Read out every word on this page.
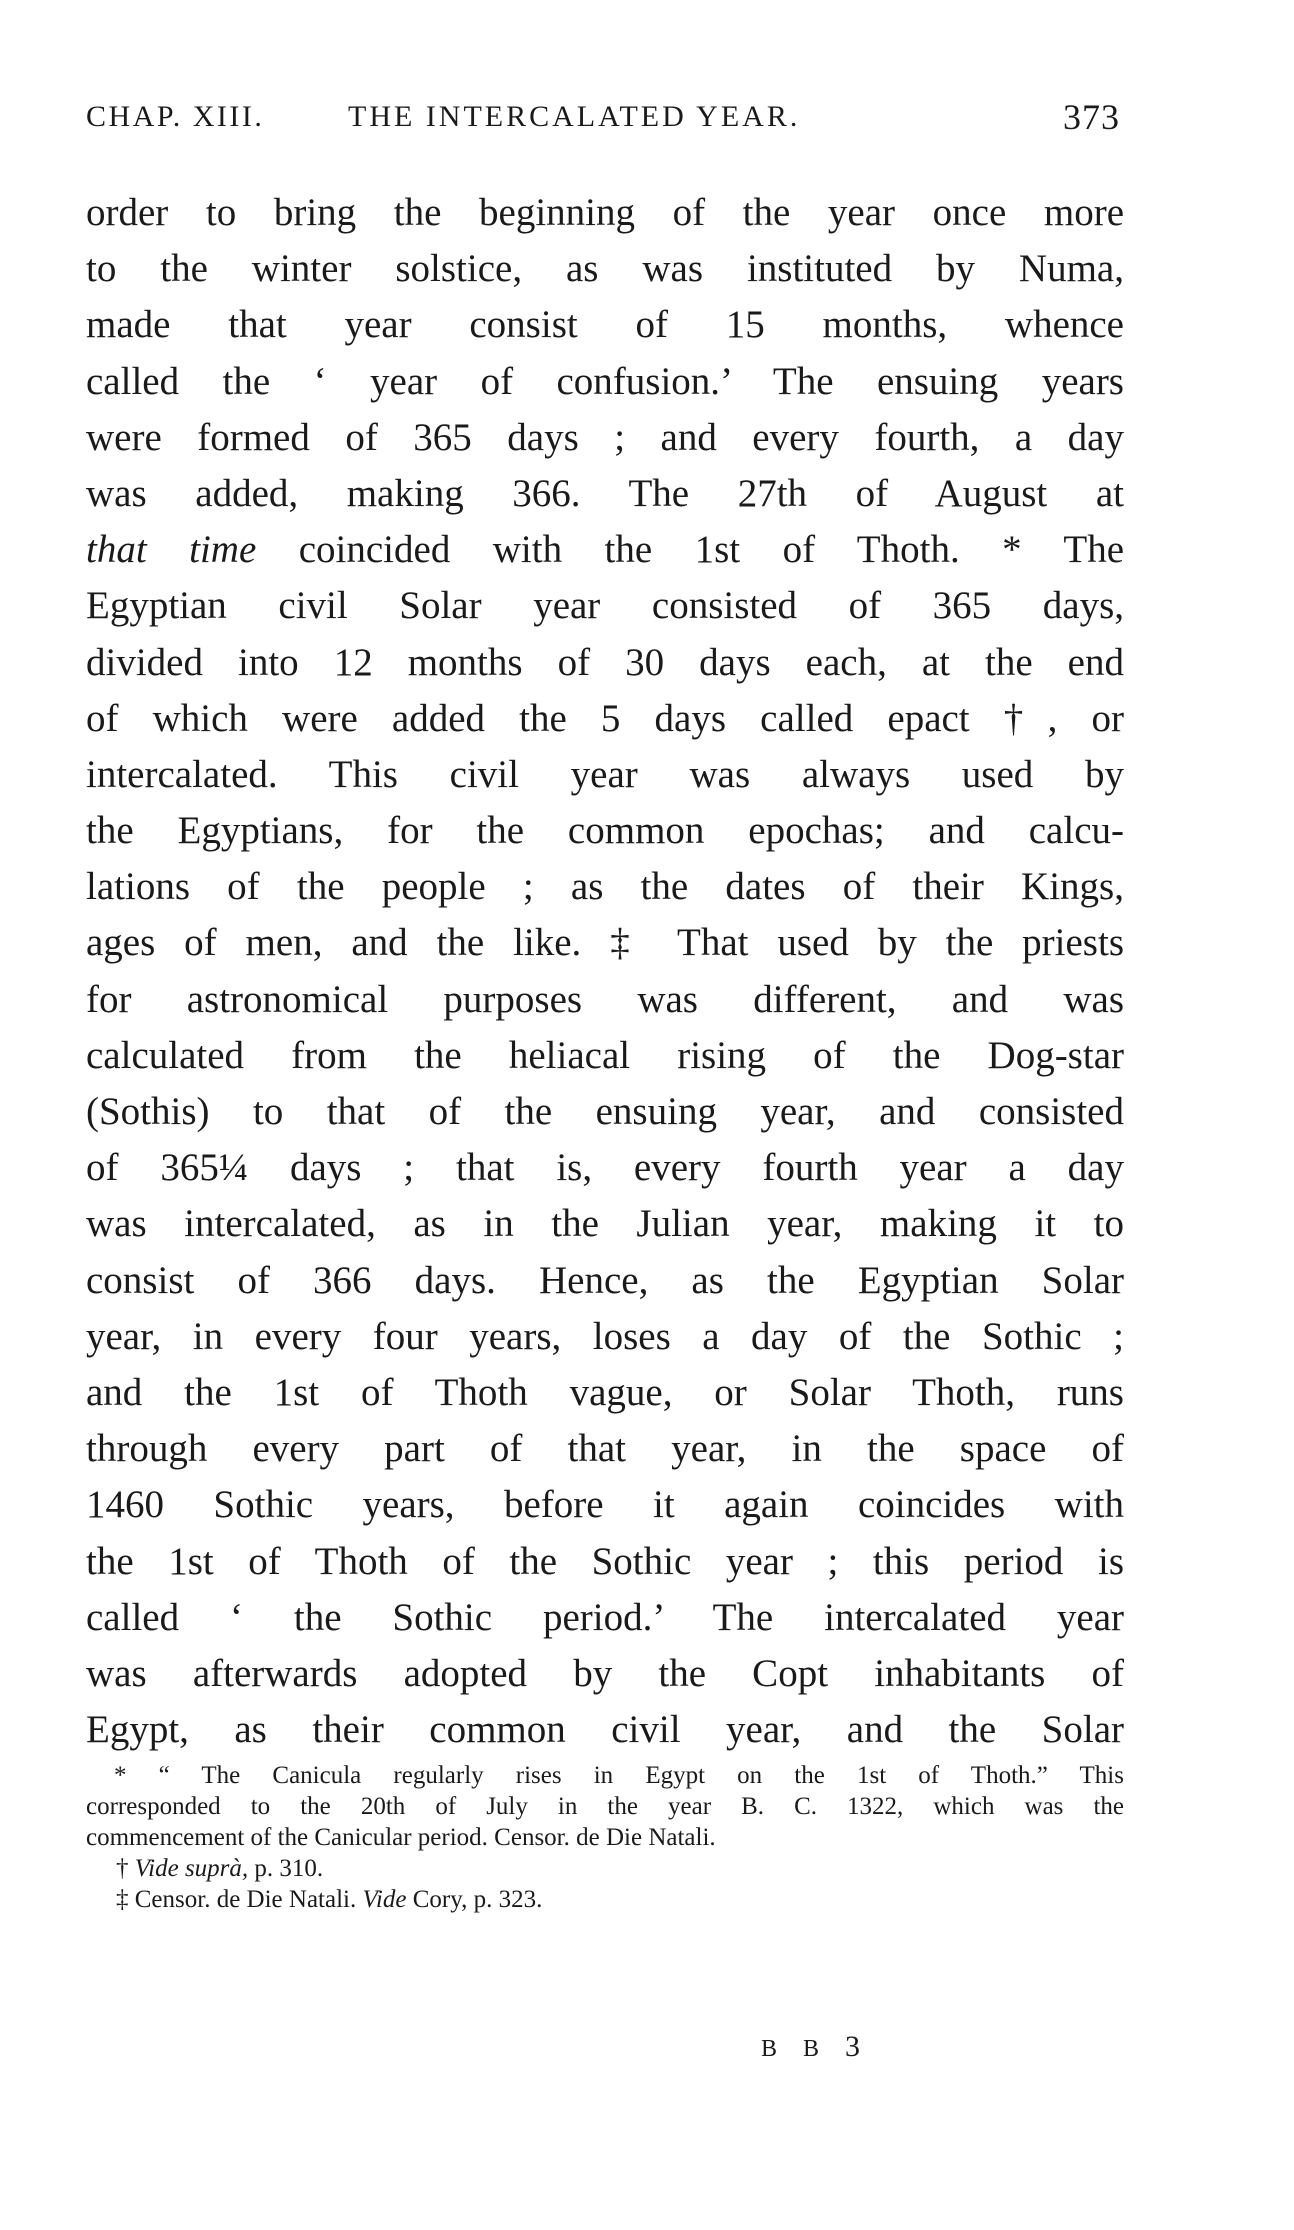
CHAP. XIII.	THE INTERCALATED YEAR.	373
order to bring the beginning of the year once more
to the winter solstice, as was instituted by Numa,
made that year consist of 15 months, whence
called the ‘ year of confusion.’ The ensuing years
were formed of 365 days ; and every fourth, a day
was added, making 366. The 27th of August at
that time coincided with the 1st of Thoth. * The
Egyptian civil Solar year consisted of 365 days,
divided into 12 months of 30 days each, at the end
of which were added the 5 days called epact †, or
intercalated. This civil year was always used by
the Egyptians, for the common epochas; and calcu-
lations of the people ; as the dates of their Kings,
ages of men, and the like. ‡ That used by the priests
for astronomical purposes was different, and was
calculated from the heliacal rising of the Dog-star
(Sothis) to that of the ensuing year, and consisted
of 365¼ days ; that is, every fourth year a day
was intercalated, as in the Julian year, making it to
consist of 366 days. Hence, as the Egyptian Solar
year, in every four years, loses a day of the Sothic ;
and the 1st of Thoth vague, or Solar Thoth, runs
through every part of that year, in the space of
1460 Sothic years, before it again coincides with
the 1st of Thoth of the Sothic year ; this period is
called ‘ the Sothic period.’ The intercalated year
was afterwards adopted by the Copt inhabitants of
Egypt, as their common civil year, and the Solar
* “ The Canicula regularly rises in Egypt on the 1st of Thoth.” This
corresponded to the 20th of July in the year B. C. 1322, which was the
commencement of the Canicular period. Censor. de Die Natali.
† Vide suprà, p. 310.
‡ Censor. de Die Natali. Vide Cory, p. 323.
B B 3
